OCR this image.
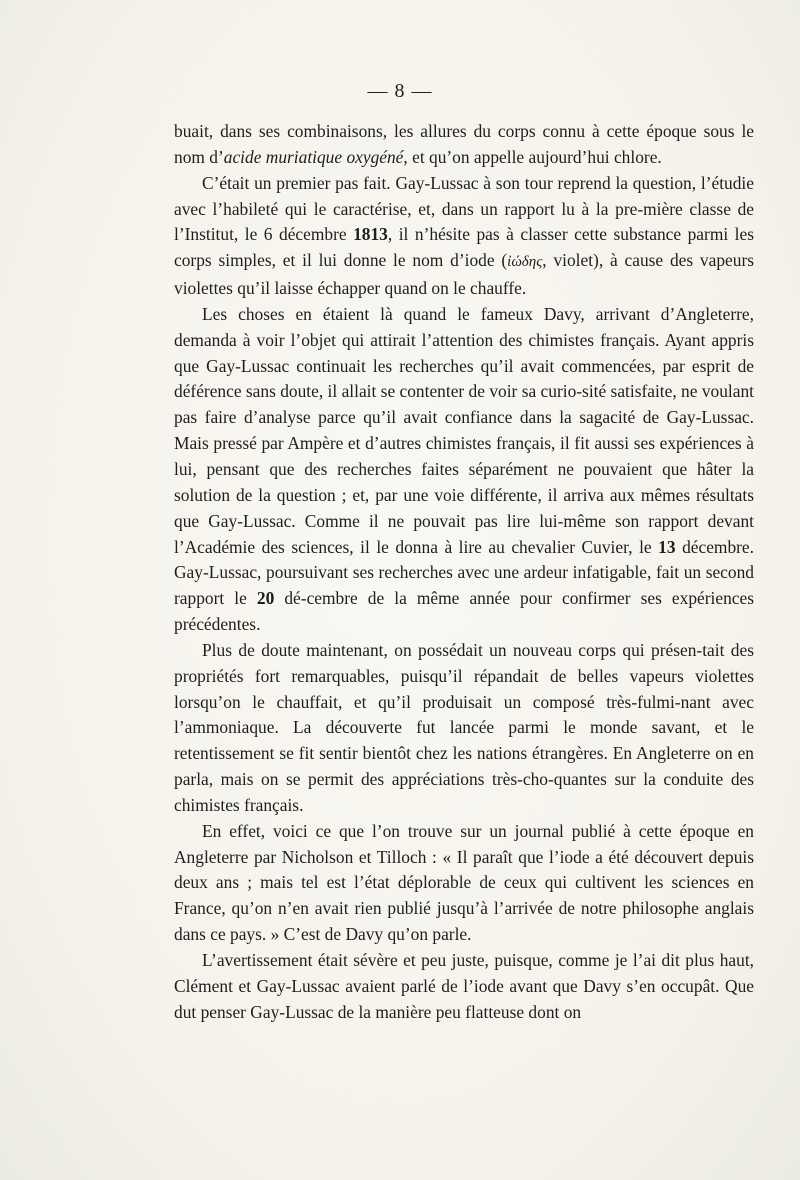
— 8 —

buait, dans ses combinaisons, les allures du corps connu à cette époque sous le nom d’acide muriatique oxygéné, et qu’on appelle aujourd’hui chlore.

C’était un premier pas fait. Gay-Lussac à son tour reprend la question, l’étudie avec l’habileté qui le caractérise, et, dans un rapport lu à la pre-mière classe de l’Institut, le 6 décembre 1813, il n’hésite pas à classer cette substance parmi les corps simples, et il lui donne le nom d’iode (ἰώδης, violet), à cause des vapeurs violettes qu’il laisse échapper quand on le chauffe.

Les choses en étaient là quand le fameux Davy, arrivant d’Angleterre, demanda à voir l’objet qui attirait l’attention des chimistes français. Ayant appris que Gay-Lussac continuait les recherches qu’il avait commencées, par esprit de déférence sans doute, il allait se contenter de voir sa curio-sité satisfaite, ne voulant pas faire d’analyse parce qu’il avait confiance dans la sagacité de Gay-Lussac. Mais pressé par Ampère et d’autres chimistes français, il fit aussi ses expériences à lui, pensant que des recherches faites séparément ne pouvaient que hâter la solution de la question ; et, par une voie différente, il arriva aux mêmes résultats que Gay-Lussac. Comme il ne pouvait pas lire lui-même son rapport devant l’Académie des sciences, il le donna à lire au chevalier Cuvier, le 13 décembre. Gay-Lussac, poursuivant ses recherches avec une ardeur infatigable, fait un second rapport le 20 dé-cembre de la même année pour confirmer ses expériences précédentes.

Plus de doute maintenant, on possédait un nouveau corps qui présen-tait des propriétés fort remarquables, puisqu’il répandait de belles vapeurs violettes lorsqu’on le chauffait, et qu’il produisait un composé très-fulmi-nant avec l’ammoniaque. La découverte fut lancée parmi le monde savant, et le retentissement se fit sentir bientôt chez les nations étrangères. En Angleterre on en parla, mais on se permit des appréciations très-cho-quantes sur la conduite des chimistes français.

En effet, voici ce que l’on trouve sur un journal publié à cette époque en Angleterre par Nicholson et Tilloch : « Il paraît que l’iode a été découvert depuis deux ans ; mais tel est l’état déplorable de ceux qui cultivent les sciences en France, qu’on n’en avait rien publié jusqu’à l’arrivée de notre philosophe anglais dans ce pays. » C’est de Davy qu’on parle.

L’avertissement était sévère et peu juste, puisque, comme je l’ai dit plus haut, Clément et Gay-Lussac avaient parlé de l’iode avant que Davy s’en occupât. Que dut penser Gay-Lussac de la manière peu flatteuse dont on
